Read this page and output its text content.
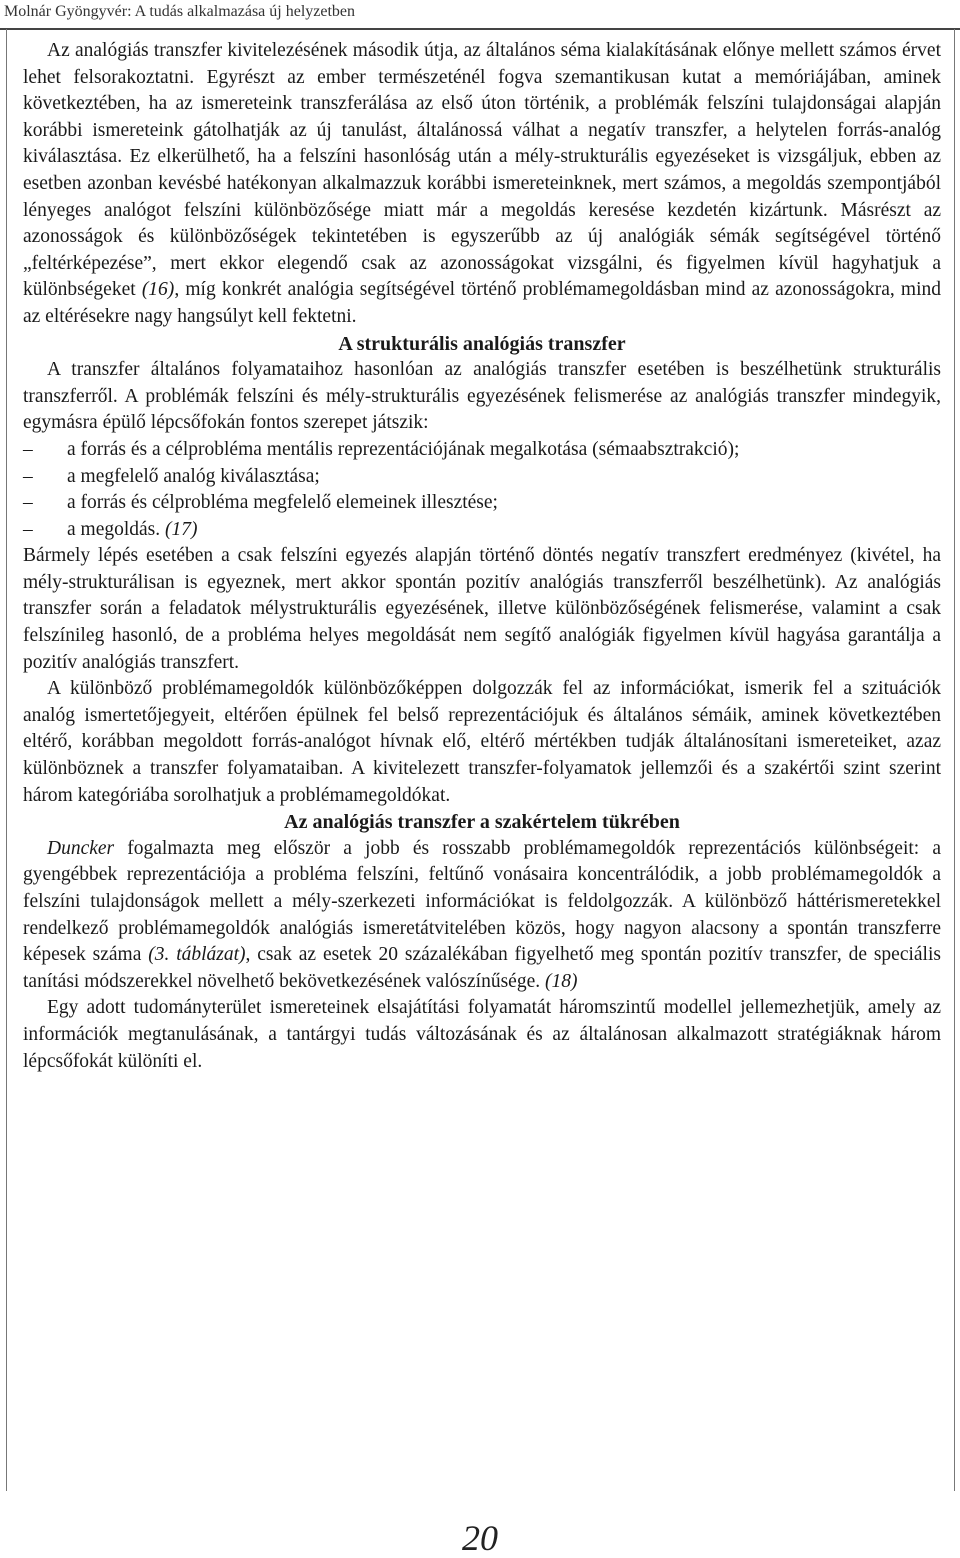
Molnár Gyöngyvér: A tudás alkalmazása új helyzetben

Az analógiás transzfer kivitelezésének második útja, az általános séma kialakításának előnye mellett számos érvet lehet felsorakoztatni. Egyrészt az ember természeténél fogva szemantikusan kutat a memóriájában, aminek következtében, ha az ismereteink transzferálása az első úton történik, a problémák felszíni tulajdonságai alapján korábbi ismereteink gátolhatják az új tanulást, általánossá válhat a negatív transzfer, a helytelen forrás-analóg kiválasztása. Ez elkerülhető, ha a felszíni hasonlóság után a mély-strukturális egyezéseket is vizsgáljuk, ebben az esetben azonban kevésbé hatékonyan alkalmazzuk korábbi ismereteinknek, mert számos, a megoldás szempontjából lényeges analógot felszíni különbözősége miatt már a megoldás keresése kezdetén kizártunk. Másrészt az azonosságok és különbözőségek tekintetében is egyszerűbb az új analógiák sémák segítségével történő „feltérképezése”, mert ekkor elegendő csak az azonosságokat vizsgálni, és figyelmen kívül hagyhatjuk a különbségeket (16), míg konkrét analógia segítségével történő problémamegoldásban mind az azonosságokra, mind az eltérésekre nagy hangsúlyt kell fektetni.

A strukturális analógiás transzfer

A transzfer általános folyamataihoz hasonlóan az analógiás transzfer esetében is beszélhetünk strukturális transzferről. A problémák felszíni és mély-strukturális egyezésének felismerése az analógiás transzfer mindegyik, egymásra épülő lépcsőfokán fontos szerepet játszik:

– a forrás és a célprobléma mentális reprezentációjának megalkotása (sémaabsztrakció);
– a megfelelő analóg kiválasztása;
– a forrás és célprobléma megfelelő elemeinek illesztése;
– a megoldás. (17)

Bármely lépés esetében a csak felszíni egyezés alapján történő döntés negatív transzfert eredményez (kivétel, ha mély-strukturálisan is egyeznek, mert akkor spontán pozitív analógiás transzferről beszélhetünk). Az analógiás transzfer során a feladatok mélystrukturális egyezésének, illetve különbözőségének felismerése, valamint a csak felszínileg hasonló, de a probléma helyes megoldását nem segítő analógiák figyelmen kívül hagyása garantálja a pozitív analógiás transzfert.

A különböző problémamegoldók különbözőképpen dolgozzák fel az információkat, ismerik fel a szituációk analóg ismertetőjegyeit, eltérően épülnek fel belső reprezentációjuk és általános sémáik, aminek következtében eltérő, korábban megoldott forrás-analógot hívnak elő, eltérő mértékben tudják általánosítani ismereteiket, azaz különböznek a transzfer folyamataiban. A kivitelezett transzfer-folyamatok jellemzői és a szakértői szint szerint három kategóriába sorolhatjuk a problémamegoldókat.

Az analógiás transzfer a szakértelem tükrében

Duncker fogalmazta meg először a jobb és rosszabb problémamegoldók reprezentációs különbségeit: a gyengébbek reprezentációja a probléma felszíni, feltűnő vonásaira koncentrálódik, a jobb problémamegoldók a felszíni tulajdonságok mellett a mély-szerkezeti információkat is feldolgozzák. A különböző háttérismeretekkel rendelkező problémamegoldók analógiás ismeretátvitelében közös, hogy nagyon alacsony a spontán transzferre képesek száma (3. táblázat), csak az esetek 20 százalékában figyelhető meg spontán pozitív transzfer, de speciális tanítási módszerekkel növelhető bekövetkezésének valószínűsége. (18)

Egy adott tudományterület ismereteinek elsajátítási folyamatát háromszintű modellel jellemezhetjük, amely az információk megtanulásának, a tantárgyi tudás változásának és az általánosan alkalmazott stratégiáknak három lépcsőfokát különíti el.

20
